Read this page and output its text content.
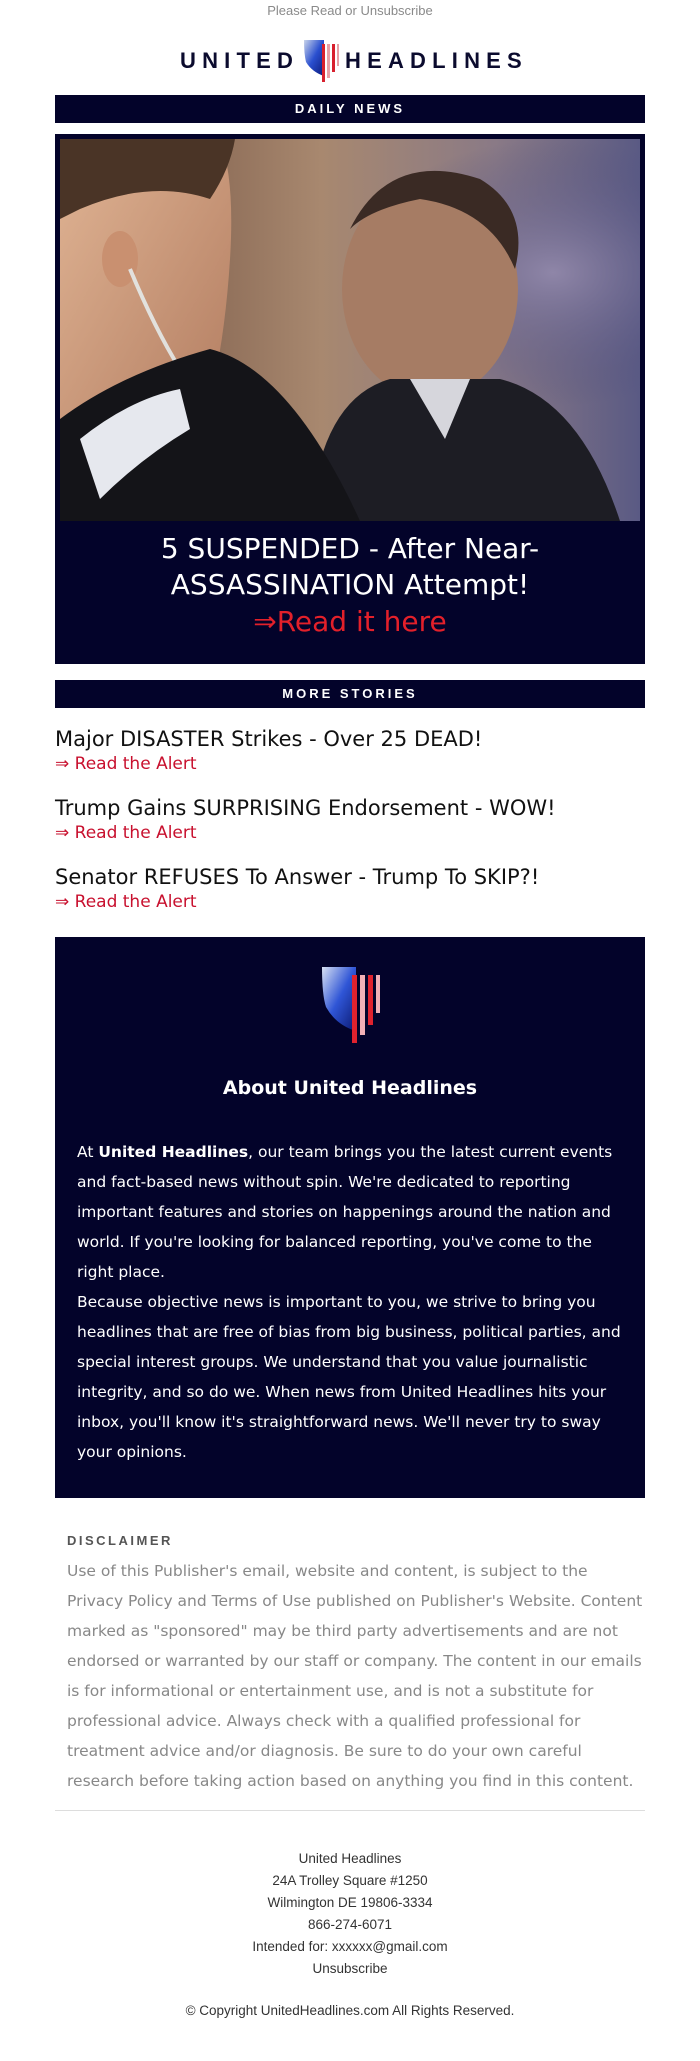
Please Read or Unsubscribe
UNITED HEADLINES
DAILY NEWS
5 SUSPENDED - After Near-ASSASSINATION Attempt!
⇒Read it here
MORE STORIES
Major DISASTER Strikes - Over 25 DEAD!
⇒ Read the Alert
Trump Gains SURPRISING Endorsement - WOW!
⇒ Read the Alert
Senator REFUSES To Answer - Trump To SKIP?!
⇒ Read the Alert
About United Headlines
At United Headlines, our team brings you the latest current events and fact-based news without spin. We're dedicated to reporting important features and stories on happenings around the nation and world. If you're looking for balanced reporting, you've come to the right place.
Because objective news is important to you, we strive to bring you headlines that are free of bias from big business, political parties, and special interest groups. We understand that you value journalistic integrity, and so do we. When news from United Headlines hits your inbox, you'll know it's straightforward news. We'll never try to sway your opinions.
DISCLAIMER
Use of this Publisher's email, website and content, is subject to the Privacy Policy and Terms of Use published on Publisher's Website. Content marked as "sponsored" may be third party advertisements and are not endorsed or warranted by our staff or company. The content in our emails is for informational or entertainment use, and is not a substitute for professional advice. Always check with a qualified professional for treatment advice and/or diagnosis. Be sure to do your own careful research before taking action based on anything you find in this content.
United Headlines
24A Trolley Square #1250
Wilmington DE 19806-3334
866-274-6071
Intended for: xxxxxx@gmail.com
Unsubscribe
© Copyright UnitedHeadlines.com All Rights Reserved.
